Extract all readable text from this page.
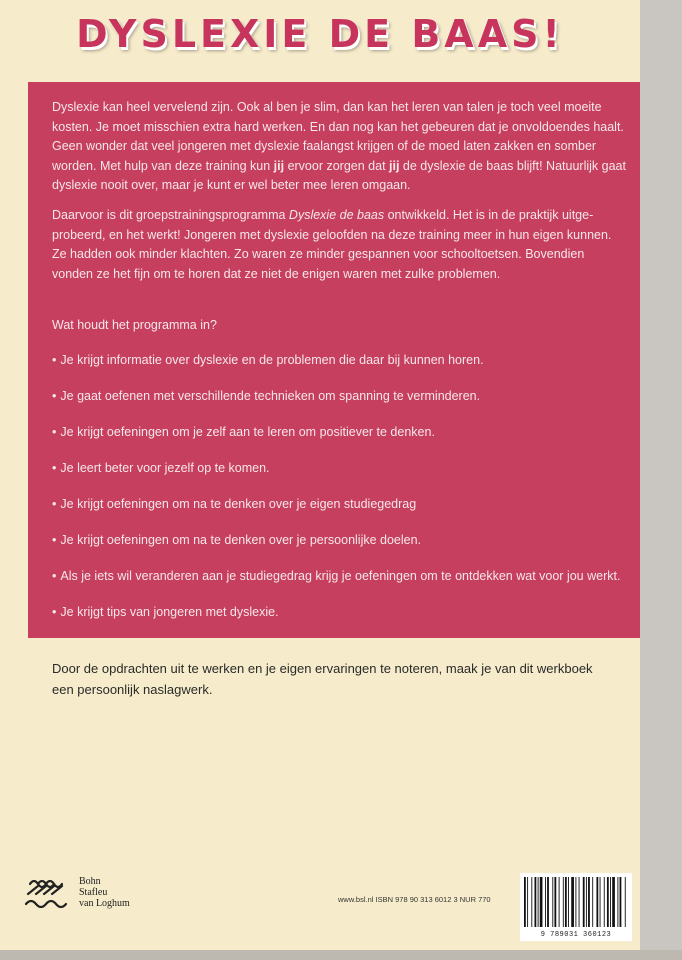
DYSLEXIE DE BAAS!

Dyslexie kan heel vervelend zijn. Ook al ben je slim, dan kan het leren van talen je toch veel moeite kosten. Je moet misschien extra hard werken. En dan nog kan het gebeuren dat je onvoldoendes haalt. Geen wonder dat veel jongeren met dyslexie faalangst krijgen of de moed laten zakken en somber worden. Met hulp van deze training kun jij ervoor zorgen dat jij de dyslexie de baas blijft! Natuurlijk gaat dyslexie nooit over, maar je kunt er wel beter mee leren omgaan.

Daarvoor is dit groepstrainingsprogramma Dyslexie de baas ontwikkeld. Het is in de praktijk uitge-probeerd, en het werkt! Jongeren met dyslexie geloofden na deze training meer in hun eigen kunnen. Ze hadden ook minder klachten. Zo waren ze minder gespannen voor schooltoetsen. Bovendien vonden ze het fijn om te horen dat ze niet de enigen waren met zulke problemen.

Wat houdt het programma in?

• Je krijgt informatie over dyslexie en de problemen die daar bij kunnen horen.
• Je gaat oefenen met verschillende technieken om spanning te verminderen.
• Je krijgt oefeningen om je zelf aan te leren om positiever te denken.
• Je leert beter voor jezelf op te komen.
• Je krijgt oefeningen om na te denken over je eigen studiegedrag
• Je krijgt oefeningen om na te denken over je persoonlijke doelen.
• Als je iets wil veranderen aan je studiegedrag krijg je oefeningen om te ontdekken wat voor jou werkt.
• Je krijgt tips van jongeren met dyslexie.

Door de opdrachten uit te werken en je eigen ervaringen te noteren, maak je van dit werkboek een persoonlijk naslagwerk.

Bohn
Stafleu
van Loghum	www.bsl.nl ISBN 978 90 313 6012 3 NUR 770
9 789031 360123
